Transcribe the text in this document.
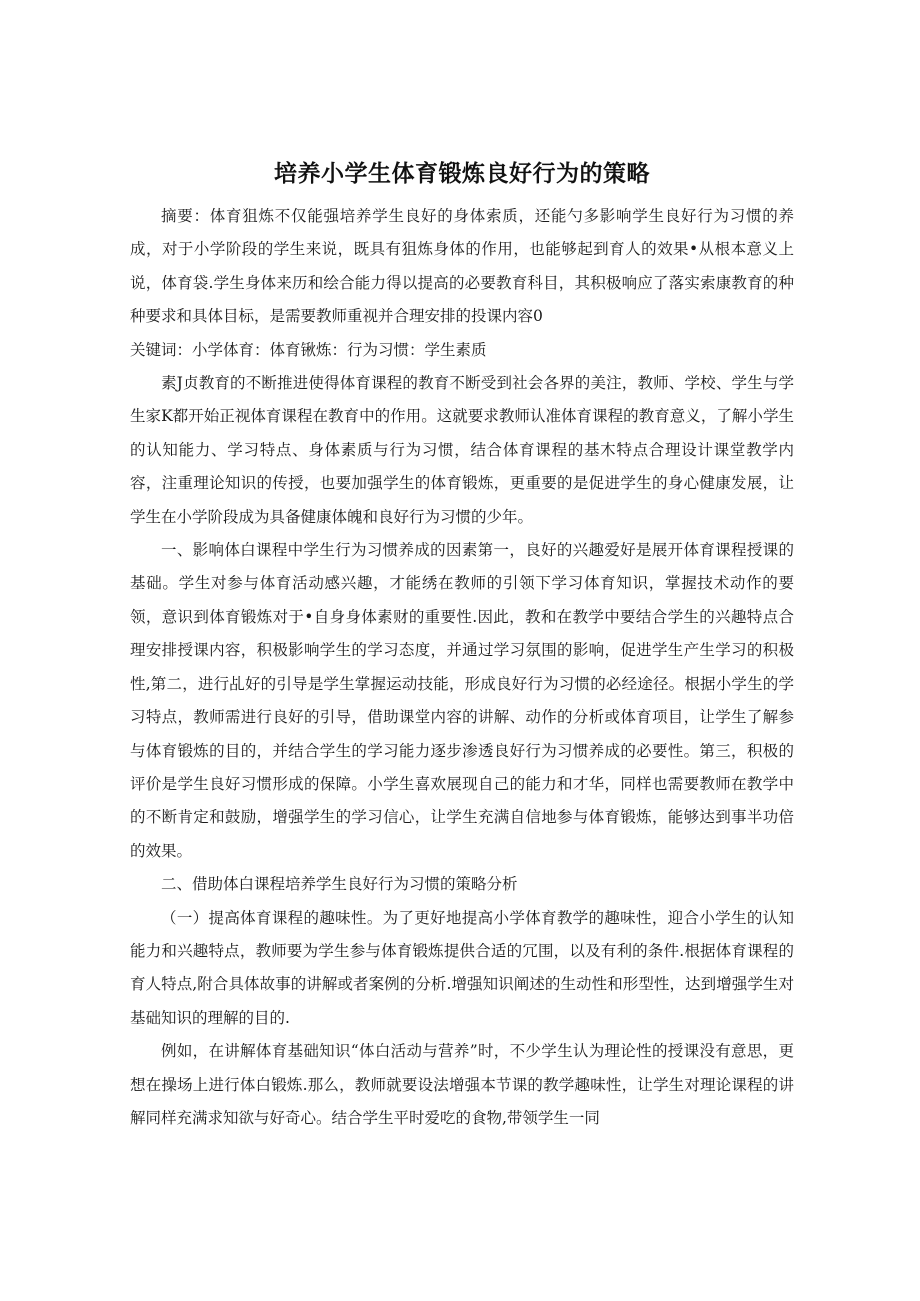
培养小学生体育锻炼良好行为的策略

摘要：体育狙炼不仅能强培养学生良好的身体索质，还能勺多影响学生良好行为习惯的养成，对于小学阶段的学生来说，既具有狙炼身体的作用，也能够起到育人的效果•从根本意义上说，体育袋.学生身体来历和绘合能力得以提高的必要教育科目，其积极响应了落实索康教育的种种要求和具体目标，是需要教师重视并合理安排的投课内容0

关键词：小学体育：体育锹炼：行为习惯：学生素质

素J贞教育的不断推进使得体育课程的教育不断受到社会各界的美注，教师、学校、学生与学生家K都开始正视体育课程在教育中的作用。这就要求教师认准体育课程的教育意义，了解小学生的认知能力、学习特点、身体素质与行为习惯，结合体育课程的基木特点合理设计课堂教学内容，注重理论知识的传授，也要加强学生的体育锻炼，更重要的是促进学生的身心健康发展，让学生在小学阶段成为具备健康体魄和良好行为习惯的少年。

一、影响体白课程中学生行为习惯养成的因素第一，良好的兴趣爱好是展开体育课程授课的基础。学生对参与体育活动感兴趣，才能绣在教师的引领下学习体育知识，掌握技术动作的要领，意识到体育锻炼对于•自身身体素财的重要性.因此，教和在教学中要结合学生的兴趣特点合理安排授课内容，积极影响学生的学习态度，并通过学习氛围的影响，促进学生产生学习的积极性,第二，进行乩好的引导是学生掌握运动技能，形成良好行为习惯的必经途径。根据小学生的学习特点，教师需进行良好的引导，借助课堂内容的讲解、动作的分析或体育项目，让学生了解参与体育锻炼的目的，并结合学生的学习能力逐步渗透良好行为习惯养成的必要性。第三，积极的评价是学生良好习惯形成的保障。小学生喜欢展现自己的能力和才华，同样也需要教师在教学中的不断肯定和鼓励，增强学生的学习信心，让学生充满自信地参与体育锻炼，能够达到事半功倍的效果。

二、借助体白课程培养学生良好行为习惯的策略分析

（一）提高体育课程的趣味性。为了更好地提高小学体育教学的趣味性，迎合小学生的认知能力和兴趣特点，教师要为学生参与体育锻炼提供合适的冗围，以及有利的条件.根据体育课程的育人特点,附合具体故事的讲解或者案例的分析.增强知识阐述的生动性和形型性，达到增强学生对基础知识的理解的目的.

例如，在讲解体育基础知识“体白活动与营养”时，不少学生认为理论性的授课没有意思，更想在操场上进行体白锻炼.那么，教师就要设法增强本节课的教学趣味性，让学生对理论课程的讲解同样充满求知欲与好奇心。结合学生平时爱吃的食物,带领学生一同
